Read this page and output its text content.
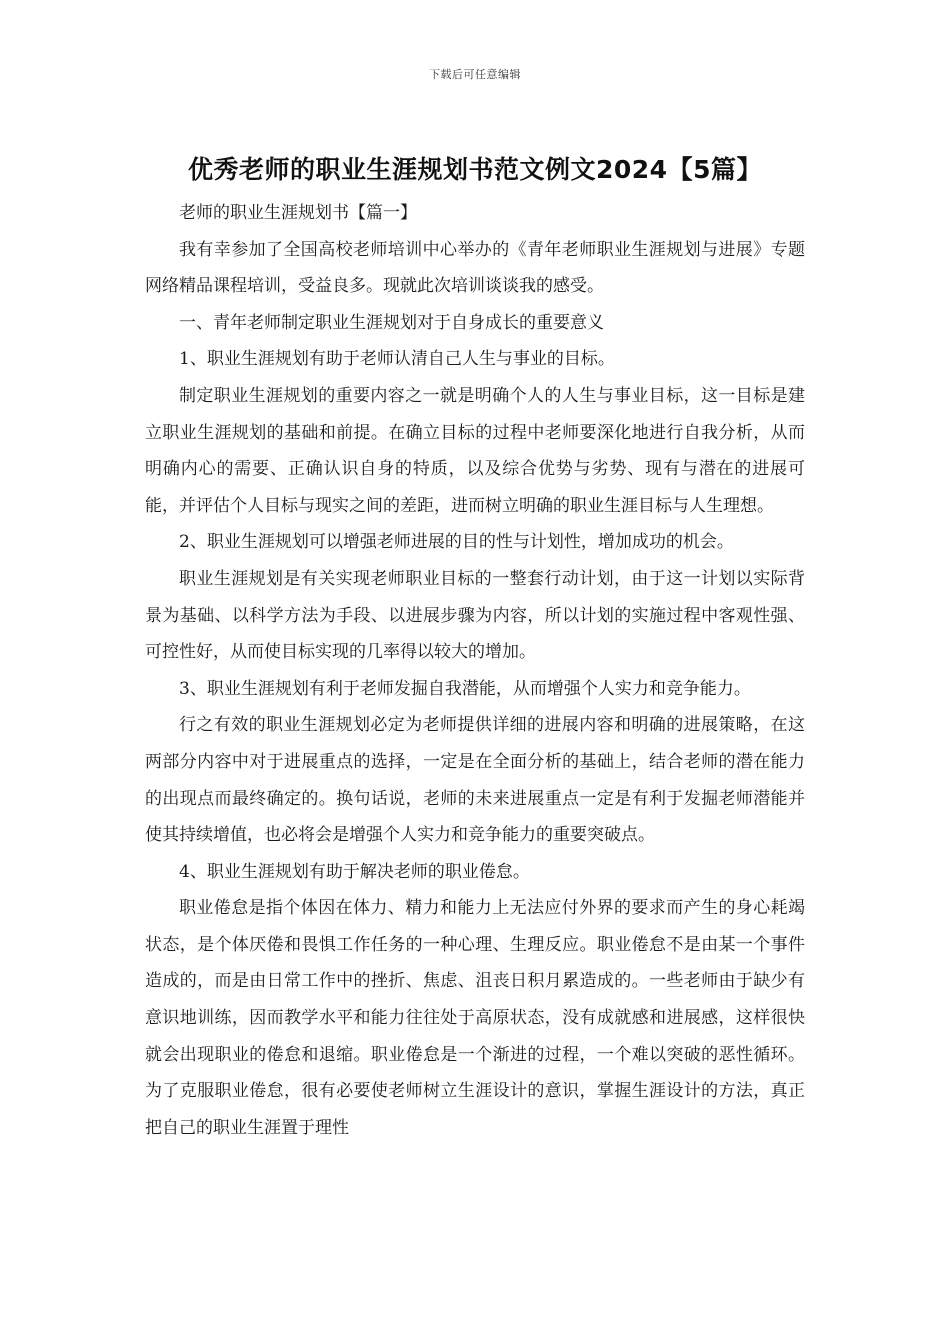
下载后可任意编辑
优秀老师的职业生涯规划书范文例文2024【5篇】

老师的职业生涯规划书【篇一】

我有幸参加了全国高校老师培训中心举办的《青年老师职业生涯规划与进展》专题网络精品课程培训，受益良多。现就此次培训谈谈我的感受。

一、青年老师制定职业生涯规划对于自身成长的重要意义

1、职业生涯规划有助于老师认清自己人生与事业的目标。

制定职业生涯规划的重要内容之一就是明确个人的人生与事业目标，这一目标是建立职业生涯规划的基础和前提。在确立目标的过程中老师要深化地进行自我分析，从而明确内心的需要、正确认识自身的特质，以及综合优势与劣势、现有与潜在的进展可能，并评估个人目标与现实之间的差距，进而树立明确的职业生涯目标与人生理想。

2、职业生涯规划可以增强老师进展的目的性与计划性，增加成功的机会。

职业生涯规划是有关实现老师职业目标的一整套行动计划，由于这一计划以实际背景为基础、以科学方法为手段、以进展步骤为内容，所以计划的实施过程中客观性强、可控性好，从而使目标实现的几率得以较大的增加。

3、职业生涯规划有利于老师发掘自我潜能，从而增强个人实力和竞争能力。

行之有效的职业生涯规划必定为老师提供详细的进展内容和明确的进展策略，在这两部分内容中对于进展重点的选择，一定是在全面分析的基础上，结合老师的潜在能力的出现点而最终确定的。换句话说，老师的未来进展重点一定是有利于发掘老师潜能并使其持续增值，也必将会是增强个人实力和竞争能力的重要突破点。

4、职业生涯规划有助于解决老师的职业倦怠。

职业倦怠是指个体因在体力、精力和能力上无法应付外界的要求而产生的身心耗竭状态，是个体厌倦和畏惧工作任务的一种心理、生理反应。职业倦怠不是由某一个事件造成的，而是由日常工作中的挫折、焦虑、沮丧日积月累造成的。一些老师由于缺少有意识地训练，因而教学水平和能力往往处于高原状态，没有成就感和进展感，这样很快就会出现职业的倦怠和退缩。职业倦怠是一个渐进的过程，一个难以突破的恶性循环。为了克服职业倦怠，很有必要使老师树立生涯设计的意识，掌握生涯设计的方法，真正把自己的职业生涯置于理性
